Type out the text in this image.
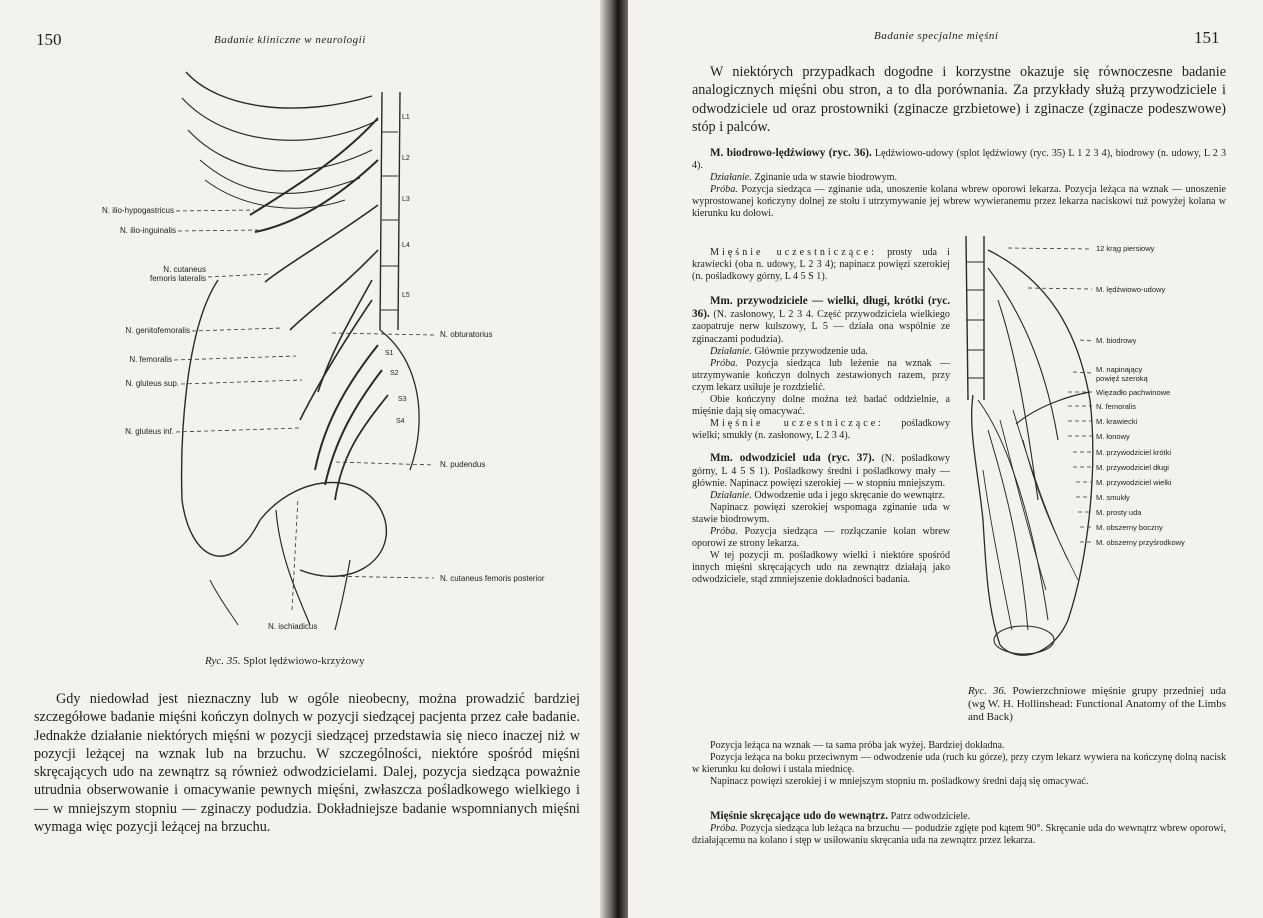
150	Badanie kliniczne w neurologii
L1
L2
L3
L4
L5
S1
S2
S3
S4
N. ilio-hypogastricus
N. ilio-inguinalis
N. cutaneus
femoris lateralis
N. genitofemoralis
N. femoralis
N. gluteus sup.
N. gluteus inf.
N. obturatorius
N. pudendus
N. cutaneus femoris posterior
N. ischiadicus
Ryc. 35. Splot lędźwiowo-krzyżowy
Gdy niedowład jest nieznaczny lub w ogóle nieobecny, można prowadzić bardziej szczegółowe badanie mięśni kończyn dolnych w pozycji siedzącej pacjenta przez całe badanie. Jednakże działanie niektórych mięśni w pozycji siedzącej przedstawia się nieco inaczej niż w pozycji leżącej na wznak lub na brzuchu. W szczególności, niektóre spośród mięśni skręcających udo na zewnątrz są również odwodzicielami. Dalej, pozycja siedząca poważnie utrudnia obserwowanie i omacywanie pewnych mięśni, zwłaszcza pośladkowego wielkiego i — w mniejszym stopniu — zginaczy podudzia. Dokładniejsze badanie wspomnianych mięśni wymaga więc pozycji leżącej na brzuchu.
Badanie specjalne mięśni	151
W niektórych przypadkach dogodne i korzystne okazuje się równoczesne badanie analogicznych mięśni obu stron, a to dla porównania. Za przykłady służą przywodziciele i odwodziciele ud oraz prostowniki (zginacze grzbietowe) i zginacze (zginacze podeszwowe) stóp i palców.

M. biodrowo-lędźwiowy (ryc. 36). Lędźwiowo-udowy (splot lędźwiowy (ryc. 35) L 1 2 3 4), biodrowy (n. udowy, L 2 3 4).

Działanie. Zginanie uda w stawie biodrowym.

Próba. Pozycja siedząca — zginanie uda, unoszenie kolana wbrew oporowi lekarza. Pozycja leżąca na wznak — unoszenie wyprostowanej kończyny dolnej ze stołu i utrzymywanie jej wbrew wywieranemu przez lekarza naciskowi tuż powyżej kolana w kierunku ku dołowi.

Mięśnie uczestniczące: prosty uda i krawiecki (oba n. udowy, L 2 3 4); napinacz powięzi szerokiej (n. pośladkowy górny, L 4 5 S 1).

Mm. przywodziciele — wielki, długi, krótki (ryc. 36). (N. zasłonowy, L 2 3 4. Część przywodziciela wielkiego zaopatruje nerw kulszowy, L 5 — działa ona wspólnie ze zginaczami podudzia).

Działanie. Głównie przywodzenie uda.

Próba. Pozycja siedząca lub leżenie na wznak — utrzymywanie kończyn dolnych zestawionych razem, przy czym lekarz usiłuje je rozdzielić.

Obie kończyny dolne można też badać oddzielnie, a mięśnie dają się omacywać.

Mięśnie uczestniczące: pośladkowy wielki; smukły (n. zasłonowy, L 2 3 4).

Mm. odwodziciel uda (ryc. 37). (N. pośladkowy górny, L 4 5 S 1). Pośladkowy średni i pośladkowy mały — głównie. Napinacz powięzi szerokiej — w stopniu mniejszym.

Działanie. Odwodzenie uda i jego skręcanie do wewnątrz.

Napinacz powięzi szerokiej wspomaga zginanie uda w stawie biodrowym.

Próba. Pozycja siedząca — rozłączanie kolan wbrew oporowi ze strony lekarza.

W tej pozycji m. pośladkowy wielki i niektóre spośród innych mięśni skręcających udo na zewnątrz działają jako odwodziciele, stąd zmniejszenie dokładności badania.

Pozycja leżąca na wznak — ta sama próba jak wyżej. Bardziej dokładna.

Pozycja leżąca na boku przeciwnym — odwodzenie uda (ruch ku górze), przy czym lekarz wywiera na kończynę dolną nacisk w kierunku ku dołowi i ustala miednicę.

Napinacz powięzi szerokiej i w mniejszym stopniu m. pośladkowy średni dają się omacywać.

Mięśnie skręcające udo do wewnątrz. Patrz odwodziciele.

Próba. Pozycja siedząca lub leżąca na brzuchu — podudzie zgięte pod kątem 90°. Skręcanie uda do wewnątrz wbrew oporowi, działającemu na kolano i stęp w usiłowaniu skręcania uda na zewnątrz przez lekarza.

12 krąg piersiowy
M. lędźwiowo-udowy
M. biodrowy
M. napinający
powięź szeroką
Więzadło pachwinowe
N. femoralis
M. krawiecki
M. łonowy
M. przywodziciel krótki
M. przywodziciel długi
M. przywodziciel wielki
M. smukły
M. prosty uda
M. obszerny boczny
M. obszerny przyśrodkowy
Ryc. 36. Powierzchniowe mięśnie grupy przedniej uda (wg W. H. Hollinshead: Functional Anatomy of the Limbs and Back)
